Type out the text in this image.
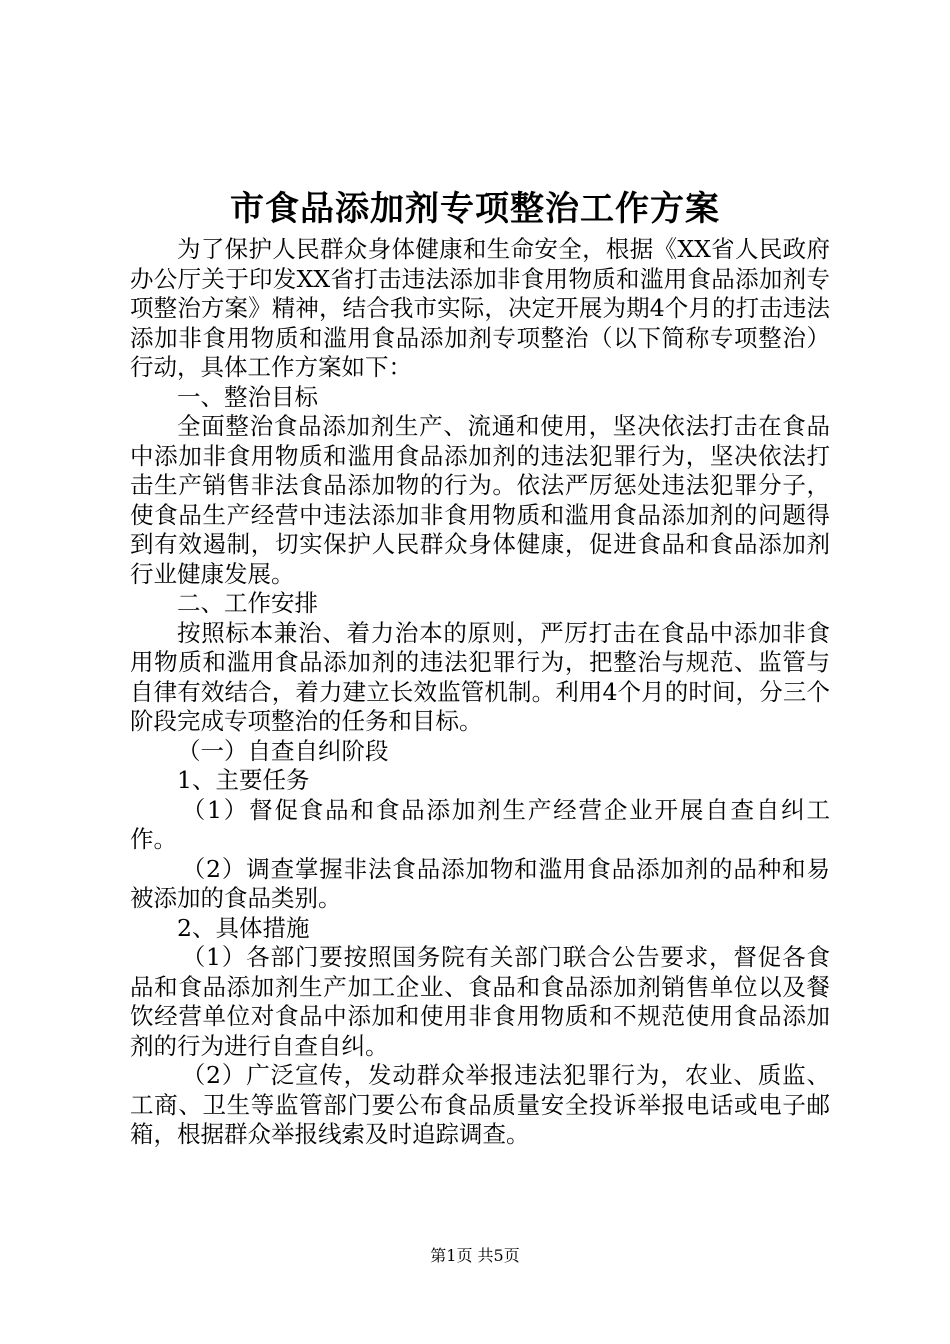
市食品添加剂专项整治工作方案

为了保护人民群众身体健康和生命安全，根据《XX省人民政府办公厅关于印发XX省打击违法添加非食用物质和滥用食品添加剂专项整治方案》精神，结合我市实际，决定开展为期4个月的打击违法添加非食用物质和滥用食品添加剂专项整治（以下简称专项整治）行动，具体工作方案如下：

一、整治目标

全面整治食品添加剂生产、流通和使用，坚决依法打击在食品中添加非食用物质和滥用食品添加剂的违法犯罪行为，坚决依法打击生产销售非法食品添加物的行为。依法严厉惩处违法犯罪分子，使食品生产经营中违法添加非食用物质和滥用食品添加剂的问题得到有效遏制，切实保护人民群众身体健康，促进食品和食品添加剂行业健康发展。

二、工作安排

按照标本兼治、着力治本的原则，严厉打击在食品中添加非食用物质和滥用食品添加剂的违法犯罪行为，把整治与规范、监管与自律有效结合，着力建立长效监管机制。利用4个月的时间，分三个阶段完成专项整治的任务和目标。

（一）自查自纠阶段

1、主要任务

（1）督促食品和食品添加剂生产经营企业开展自查自纠工作。

（2）调查掌握非法食品添加物和滥用食品添加剂的品种和易被添加的食品类别。

2、具体措施

（1）各部门要按照国务院有关部门联合公告要求，督促各食品和食品添加剂生产加工企业、食品和食品添加剂销售单位以及餐饮经营单位对食品中添加和使用非食用物质和不规范使用食品添加剂的行为进行自查自纠。

（2）广泛宣传，发动群众举报违法犯罪行为，农业、质监、工商、卫生等监管部门要公布食品质量安全投诉举报电话或电子邮箱，根据群众举报线索及时追踪调查。

第1页 共5页
